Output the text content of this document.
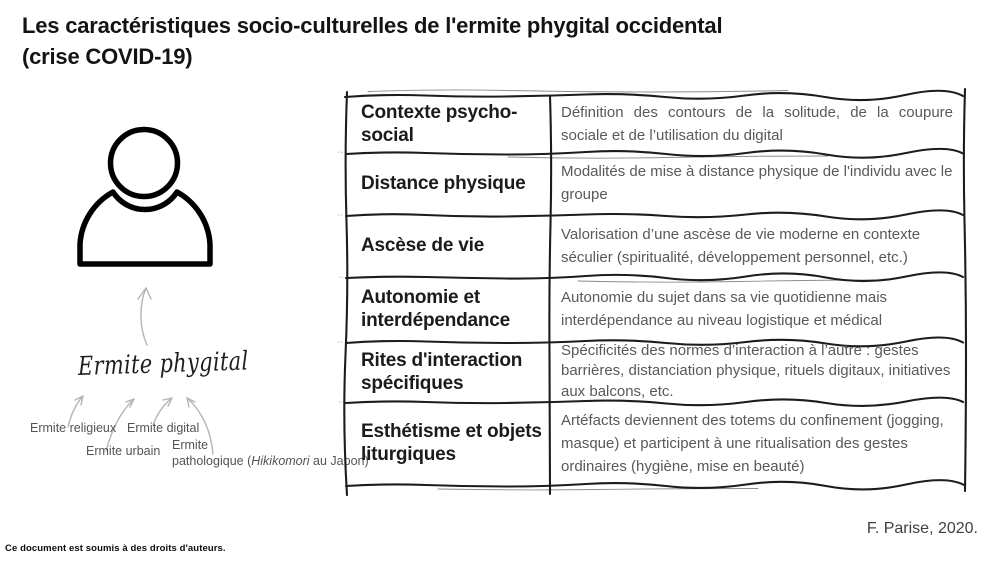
Les caractéristiques socio-culturelles de l'ermite phygital occidental
(crise COVID-19)
Ermite phygital
Ermite religieux
Ermite urbain
Ermite digital
Ermite
pathologique (Hikikomori au Japon)
Contexte psycho-social
Définition des contours de la solitude, de la coupure sociale et de l’utilisation du digital
Distance physique
Modalités de mise à distance physique de l'individu avec le groupe
Ascèse de vie
Valorisation d’une ascèse de vie moderne en contexte séculier (spiritualité, développement personnel, etc.)
Autonomie et interdépendance
Autonomie du sujet dans sa vie quotidienne mais interdépendance au niveau logistique et médical
Rites d'interaction spécifiques
Spécificités des normes d’interaction à l’autre : gestes barrières, distanciation physique, rituels digitaux, initiatives aux balcons, etc.
Esthétisme et objets liturgiques
Artéfacts deviennent des totems du confinement (jogging, masque) et participent à une ritualisation des gestes ordinaires (hygiène, mise en beauté)
F. Parise, 2020.
Ce document est soumis à des droits d'auteurs.
